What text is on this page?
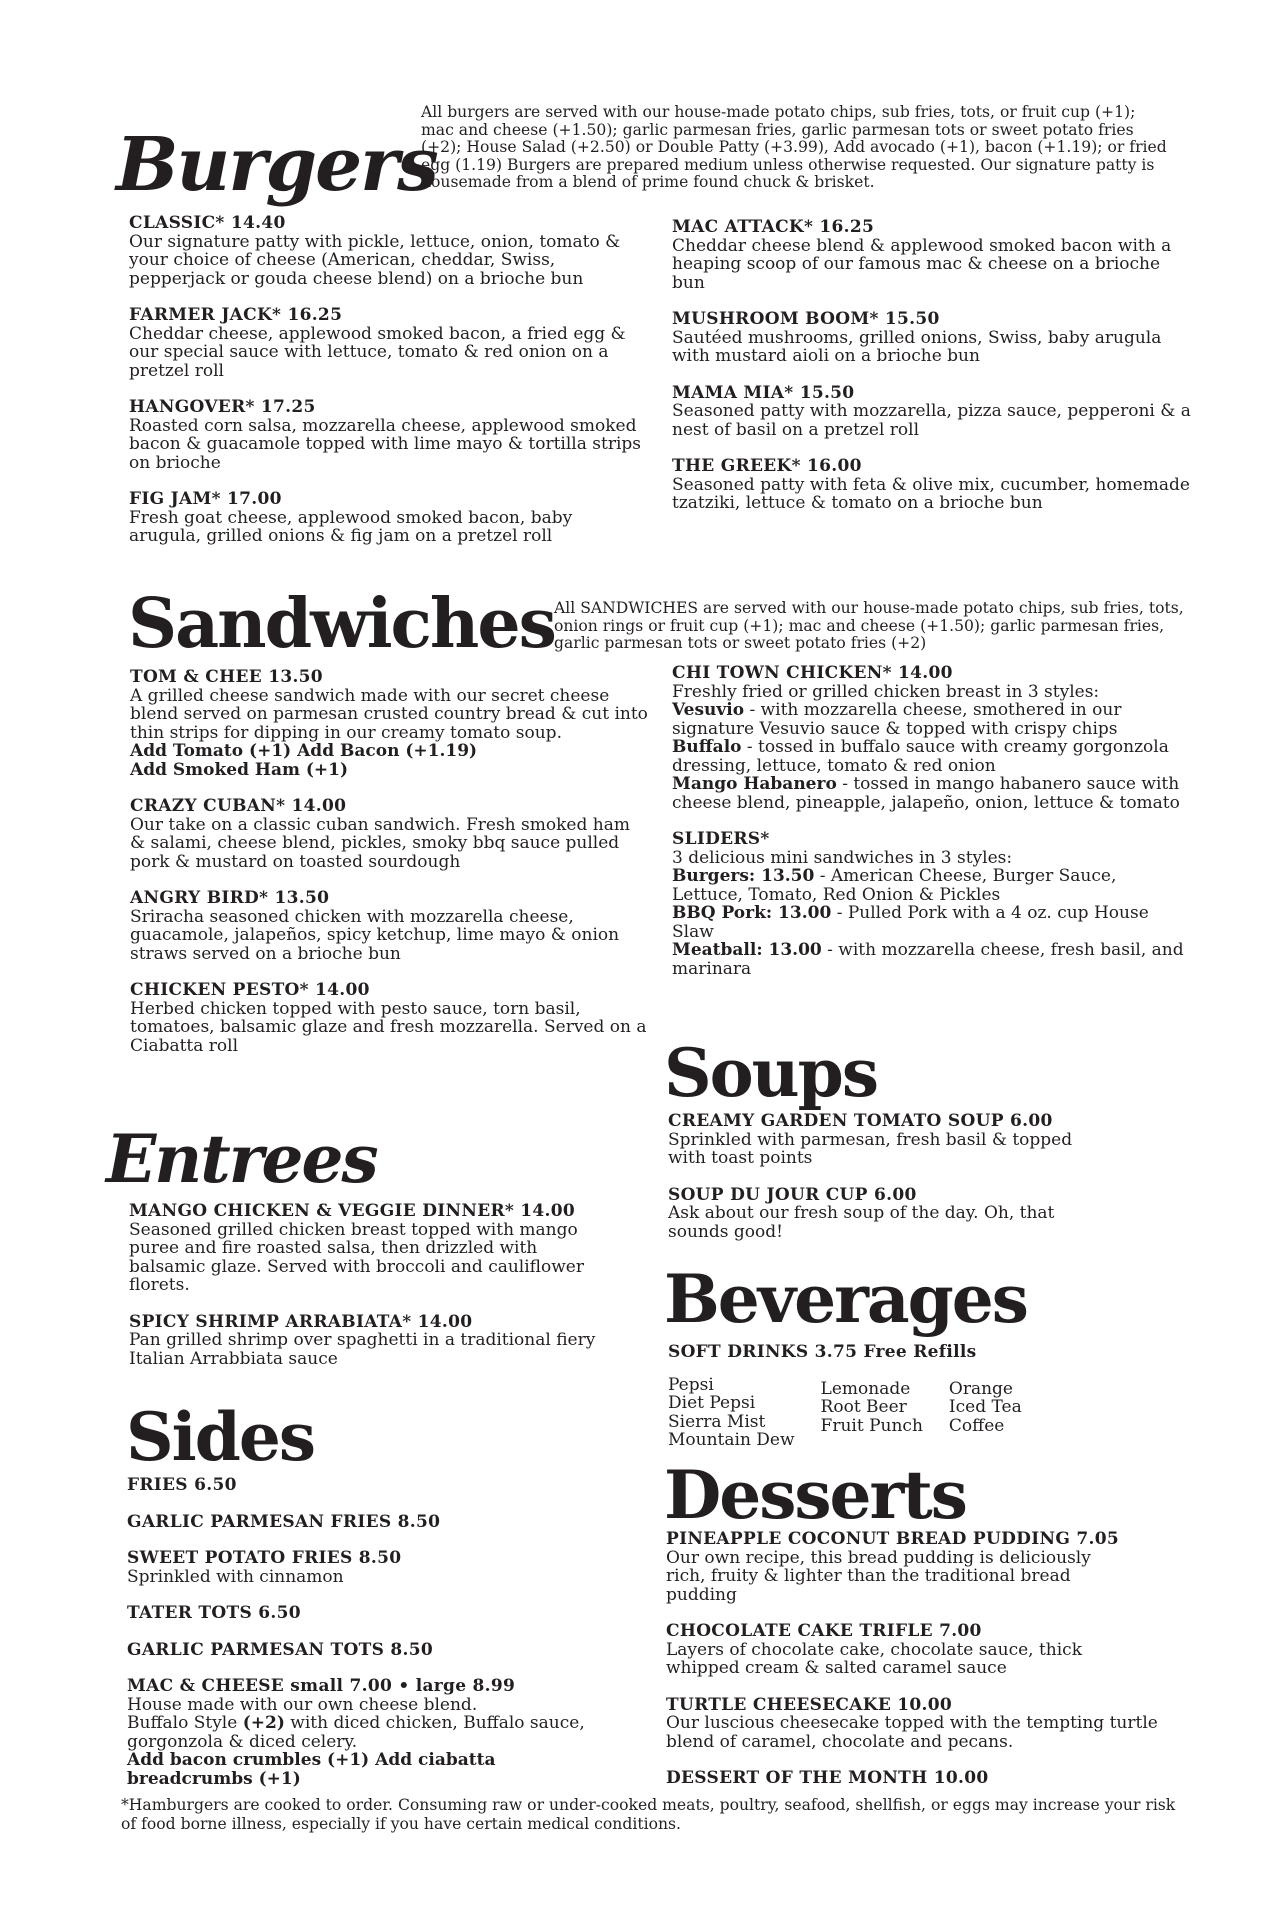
Burgers
All burgers are served with our house-made potato chips, sub fries, tots, or fruit cup (+1); mac and cheese (+1.50); garlic parmesan fries, garlic parmesan tots or sweet potato fries (+2); House Salad (+2.50) or Double Patty (+3.99), Add avocado (+1), bacon (+1.19); or fried egg (1.19) Burgers are prepared medium unless otherwise requested. Our signature patty is housemade from a blend of prime found chuck & brisket.
CLASSIC* 14.40
Our signature patty with pickle, lettuce, onion, tomato & your choice of cheese (American, cheddar, Swiss, pepperjack or gouda cheese blend) on a brioche bun
FARMER JACK* 16.25
Cheddar cheese, applewood smoked bacon, a fried egg & our special sauce with lettuce, tomato & red onion on a pretzel roll
HANGOVER* 17.25
Roasted corn salsa, mozzarella cheese, applewood smoked bacon & guacamole topped with lime mayo & tortilla strips on brioche
FIG JAM* 17.00
Fresh goat cheese, applewood smoked bacon, baby arugula, grilled onions & fig jam on a pretzel roll
MAC ATTACK* 16.25
Cheddar cheese blend & applewood smoked bacon with a heaping scoop of our famous mac & cheese on a brioche bun
MUSHROOM BOOM* 15.50
Sautéed mushrooms, grilled onions, Swiss, baby arugula with mustard aioli on a brioche bun
MAMA MIA* 15.50
Seasoned patty with mozzarella, pizza sauce, pepperoni & a nest of basil on a pretzel roll
THE GREEK* 16.00
Seasoned patty with feta & olive mix, cucumber, homemade tzatziki, lettuce & tomato on a brioche bun
Sandwiches All SANDWICHES are served with our house-made potato chips, sub fries, tots, onion rings or fruit cup (+1); mac and cheese (+1.50); garlic parmesan fries, garlic parmesan tots or sweet potato fries (+2)
TOM & CHEE 13.50
A grilled cheese sandwich made with our secret cheese blend served on parmesan crusted country bread & cut into thin strips for dipping in our creamy tomato soup.
Add Tomato (+1) Add Bacon (+1.19)
Add Smoked Ham (+1)
CRAZY CUBAN* 14.00
Our take on a classic cuban sandwich. Fresh smoked ham & salami, cheese blend, pickles, smoky bbq sauce pulled pork & mustard on toasted sourdough
ANGRY BIRD* 13.50
Sriracha seasoned chicken with mozzarella cheese, guacamole, jalapeños, spicy ketchup, lime mayo & onion straws served on a brioche bun
CHICKEN PESTO* 14.00
Herbed chicken topped with pesto sauce, torn basil, tomatoes, balsamic glaze and fresh mozzarella. Served on a Ciabatta roll
CHI TOWN CHICKEN* 14.00
Freshly fried or grilled chicken breast in 3 styles:
Vesuvio - with mozzarella cheese, smothered in our signature Vesuvio sauce & topped with crispy chips
Buffalo - tossed in buffalo sauce with creamy gorgonzola dressing, lettuce, tomato & red onion
Mango Habanero - tossed in mango habanero sauce with cheese blend, pineapple, jalapeño, onion, lettuce & tomato
SLIDERS*
3 delicious mini sandwiches in 3 styles:
Burgers: 13.50 - American Cheese, Burger Sauce, Lettuce, Tomato, Red Onion & Pickles
BBQ Pork: 13.00 - Pulled Pork with a 4 oz. cup House Slaw
Meatball: 13.00 - with mozzarella cheese, fresh basil, and marinara
Entrees
MANGO CHICKEN & VEGGIE DINNER* 14.00
Seasoned grilled chicken breast topped with mango puree and fire roasted salsa, then drizzled with balsamic glaze. Served with broccoli and cauliflower florets.
SPICY SHRIMP ARRABIATA* 14.00
Pan grilled shrimp over spaghetti in a traditional fiery Italian Arrabbiata sauce
Sides
FRIES 6.50
GARLIC PARMESAN FRIES 8.50
SWEET POTATO FRIES 8.50
Sprinkled with cinnamon
TATER TOTS 6.50
GARLIC PARMESAN TOTS 8.50
MAC & CHEESE small 7.00 • large 8.99
House made with our own cheese blend.
Buffalo Style (+2) with diced chicken, Buffalo sauce, gorgonzola & diced celery.
Add bacon crumbles (+1) Add ciabatta breadcrumbs (+1)
Soups
CREAMY GARDEN TOMATO SOUP 6.00
Sprinkled with parmesan, fresh basil & topped with toast points
SOUP DU JOUR CUP 6.00
Ask about our fresh soup of the day. Oh, that sounds good!
Beverages
SOFT DRINKS 3.75 Free Refills
Pepsi
Diet Pepsi
Sierra Mist
Mountain Dew
Lemonade
Root Beer
Fruit Punch
Orange
Iced Tea
Coffee
Desserts
PINEAPPLE COCONUT BREAD PUDDING 7.05
Our own recipe, this bread pudding is deliciously rich, fruity & lighter than the traditional bread pudding
CHOCOLATE CAKE TRIFLE 7.00
Layers of chocolate cake, chocolate sauce, thick whipped cream & salted caramel sauce
TURTLE CHEESECAKE 10.00
Our luscious cheesecake topped with the tempting turtle blend of caramel, chocolate and pecans.
DESSERT OF THE MONTH 10.00
*Hamburgers are cooked to order. Consuming raw or under-cooked meats, poultry, seafood, shellfish, or eggs may increase your risk of food borne illness, especially if you have certain medical conditions.
